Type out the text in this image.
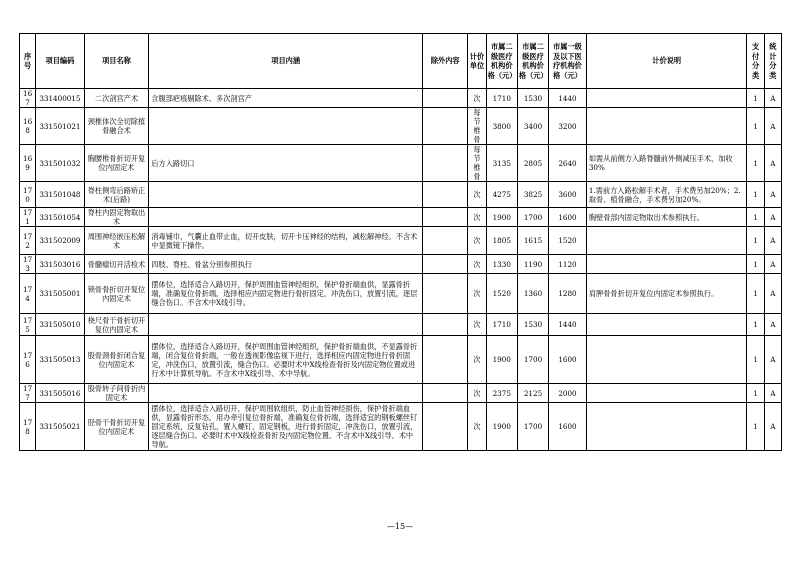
序号	项目编码	项目名称	项目内涵	除外内容	计价单位	市属二级医疗机构价格（元）	市属二级医疗机构价格（元）	市属一级及以下医疗机构价格（元）	计价说明	支付分类	统计分类
167	331400015	二次剖宫产术	含腹部疤痕剔除术、多次剖宫产		次	1710	1530	1440		1	A
168	331501021	颈椎体次全切除植骨融合术			每节椎骨	3800	3400	3200		1	A
169	331501032	胸腰椎骨折切开复位内固定术	后方入路切口		每节椎骨	3135	2805	2640	如需从前侧方入路脊髓前外侧减压手术，加收30%	1	A
170	331501048	脊柱侧弯后路矫正术(后路)			次	4275	3825	3600	1.需前方入路松解手术者，手术费另加20%；2.取骨、植骨融合，手术费另加20%。	1	A
171	331501054	脊柱内固定物取出术			次	1900	1700	1600	胸壁骨部内固定物取出术参照执行。	1	A
172	331502009	周围神经嵌压松解术	消毒铺巾，气囊止血带止血，切开皮肤，切开卡压神经的结构，减松解神经。不含术中显微镜下操作。		次	1805	1615	1520		1	A
173	331503016	骨髓瘤切开活检术	四肢、脊柱、骨盆分别参照执行		次	1330	1190	1120		1	A
174	331505001	锁骨骨折切开复位内固定术	摆体位，选择适合入路切开，保护周围血管神经组织，保护骨折端血供，显露骨折端，准确复位骨折端，选择相应内固定物进行骨折固定，冲洗伤口，放置引流，逐层缝合伤口。不含术中X线引导。		次	1520	1360	1280	肩胛骨骨折切开复位内固定术参照执行。	1	A
175	331505010	桡尺骨干骨折切开复位内固定术			次	1710	1530	1440		1	A
176	331505013	股骨颈骨折闭合复位内固定术	摆体位，选择适合入路切开，保护周围血管神经组织，保护骨折端血供，不显露骨折端，闭合复位骨折端，一般在透视影像监视下进行，选择相应内固定物进行骨折固定，冲洗伤口，放置引流，缝合伤口。必要时术中X线检查骨折及内固定物位置或进行术中计算机导航。不含术中X线引导、术中导航。		次	1900	1700	1600		1	A
177	331505016	股骨转子间骨折内固定术			次	2375	2125	2000		1	A
178	331505021	胫骨干骨折切开复位内固定术	摆体位，选择适合入路切开，保护周围软组织，防止血管神经损伤，保护骨折端血供，显露骨折形态，用办牵引复位骨折端，准确复位骨折端，选择适宜的钢板螺丝钉固定系统，反复钻孔，置入螺钉，固定钢板，进行骨折固定，冲洗伤口，放置引流，逐层缝合伤口。必要时术中X线检查骨折及内固定物位置。不含术中X线引导、术中导航。		次	1900	1700	1600		1	A
—15—
